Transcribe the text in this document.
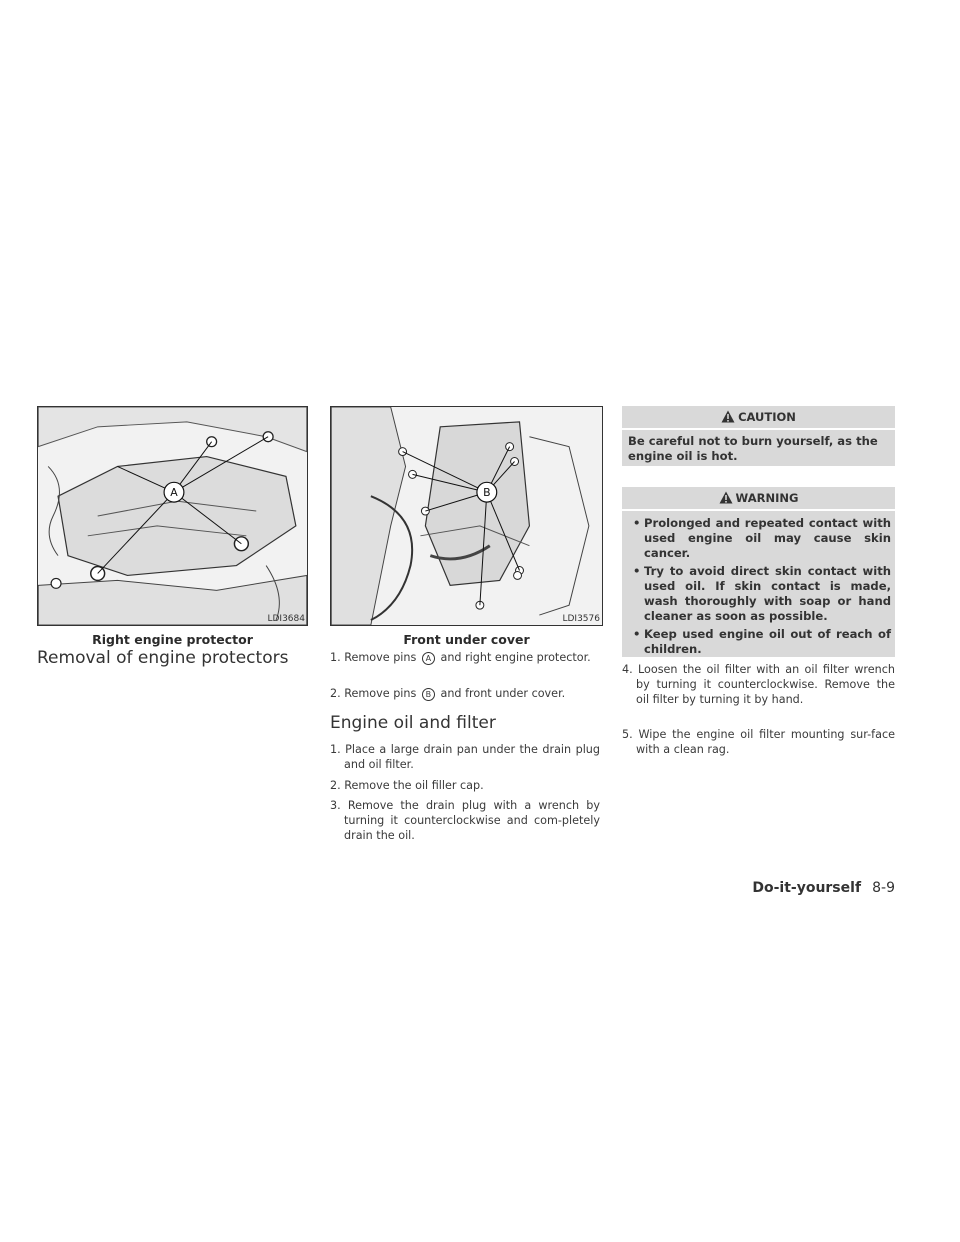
A
LDI3684
Right engine protector
B
LDI3576
Front under cover
Removal of engine protectors	1. Remove pins A and right engine protector.
2. Remove pins B and front under cover.
Engine oil and filter
1. Place a large drain pan under the drain plug and oil filter.
2. Remove the oil filler cap.
3. Remove the drain plug with a wrench by turning it counterclockwise and com-pletely drain the oil.
CAUTION
Be careful not to burn yourself, as the engine oil is hot.
WARNING
• Prolonged and repeated contact with used engine oil may cause skin cancer.
• Try to avoid direct skin contact with used oil. If skin contact is made, wash thoroughly with soap or hand cleaner as soon as possible.
• Keep used engine oil out of reach of children.
4. Loosen the oil filter with an oil filter wrench by turning it counterclockwise. Remove the oil filter by turning it by hand.
5. Wipe the engine oil filter mounting sur-face with a clean rag.
Do-it-yourself 8-9
